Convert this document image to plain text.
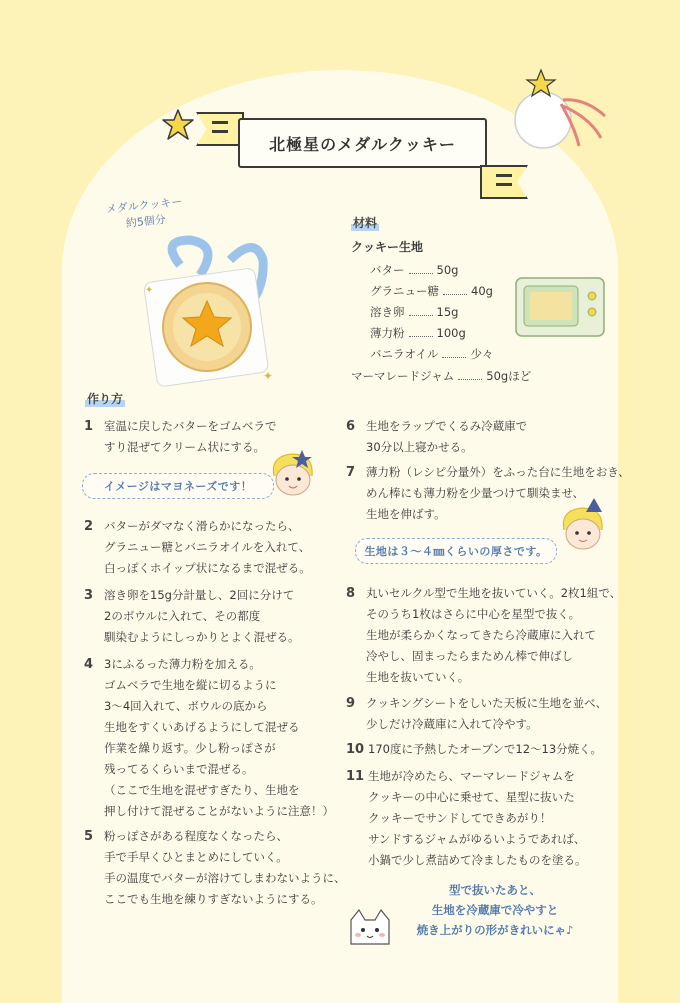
北極星のメダルクッキー
メダルクッキー
約5個分
✦
✦
材料
クッキー生地
バター	50g
グラニュー糖	40g
溶き卵	15g
薄力粉	100g
バニラオイル	少々
マーマレードジャム	50gほど
作り方
1 室温に戻したバターをゴムベラで
すり混ぜてクリーム状にする。
イメージはマヨネーズです！
2 バターがダマなく滑らかになったら、
グラニュー糖とバニラオイルを入れて、
白っぽくホイップ状になるまで混ぜる。
3 溶き卵を15g分計量し、2回に分けて
2のボウルに入れて、その都度
馴染むようにしっかりとよく混ぜる。
4 3にふるった薄力粉を加える。
ゴムベラで生地を縦に切るように
3〜4回入れて、ボウルの底から
生地をすくいあげるようにして混ぜる
作業を繰り返す。少し粉っぽさが
残ってるくらいまで混ぜる。
（ここで生地を混ぜすぎたり、生地を
押し付けて混ぜることがないように注意！）
5 粉っぽさがある程度なくなったら、
手で手早くひとまとめにしていく。
手の温度でバターが溶けてしまわないように、
ここでも生地を練りすぎないようにする。
6 生地をラップでくるみ冷蔵庫で
30分以上寝かせる。
7 薄力粉（レシピ分量外）をふった台に生地をおき、
めん棒にも薄力粉を少量つけて馴染ませ、
生地を伸ばす。
生地は３～４㎜くらいの厚さです。
8 丸いセルクル型で生地を抜いていく。2枚1組で、
そのうち1枚はさらに中心を星型で抜く。
生地が柔らかくなってきたら冷蔵庫に入れて
冷やし、固まったらまためん棒で伸ばし
生地を抜いていく。
9 クッキングシートをしいた天板に生地を並べ、
少しだけ冷蔵庫に入れて冷やす。
10 170度に予熱したオーブンで12〜13分焼く。
11 生地が冷めたら、マーマレードジャムを
クッキーの中心に乗せて、星型に抜いた
クッキーでサンドしてできあがり！
サンドするジャムがゆるいようであれば、
小鍋で少し煮詰めて冷ましたものを塗る。
型で抜いたあと、
生地を冷蔵庫で冷やすと
焼き上がりの形がきれいにゃ♪
